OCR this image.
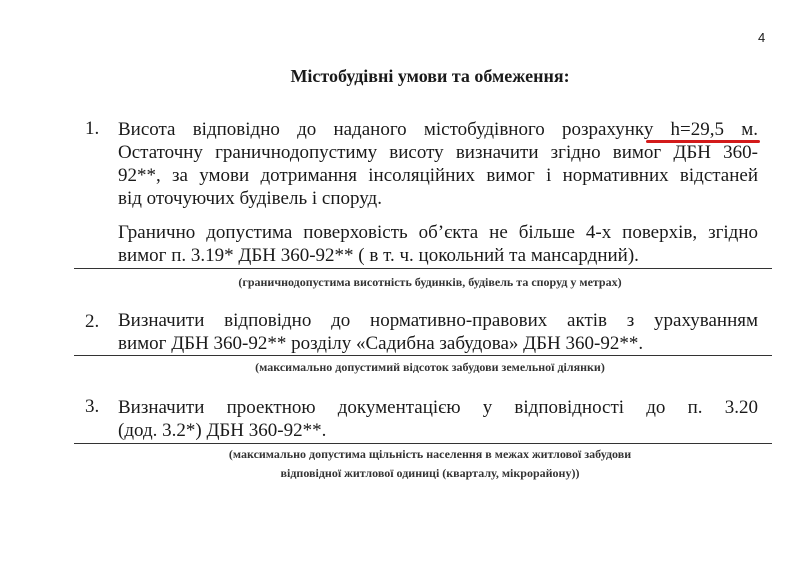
4
Містобудівні умови та обмеження:
1. Висота відповідно до наданого містобудівного розрахунку h=29,5 м.
Остаточну граничнодопустиму висоту визначити згідно вимог ДБН 360-
92**, за умови дотримання інсоляційних вимог і нормативних відстаней
від оточуючих будівель і споруд.
Гранично допустима поверховість об’єкта не більше 4-х поверхів, згідно
вимог п. 3.19* ДБН 360-92** ( в т. ч. цокольний та мансардний).
(граничнодопустима висотність будинків, будівель та споруд у метрах)
2. Визначити відповідно до нормативно-правових актів з урахуванням
вимог ДБН 360-92** розділу «Садибна забудова» ДБН 360-92**.
(максимально допустимий відсоток забудови земельної ділянки)
3. Визначити проектною документацією у відповідності до п. 3.20
(дод. 3.2*) ДБН 360-92**.
(максимально допустима щільність населення в межах житлової забудови
відповідної житлової одиниці (кварталу, мікрорайону))
